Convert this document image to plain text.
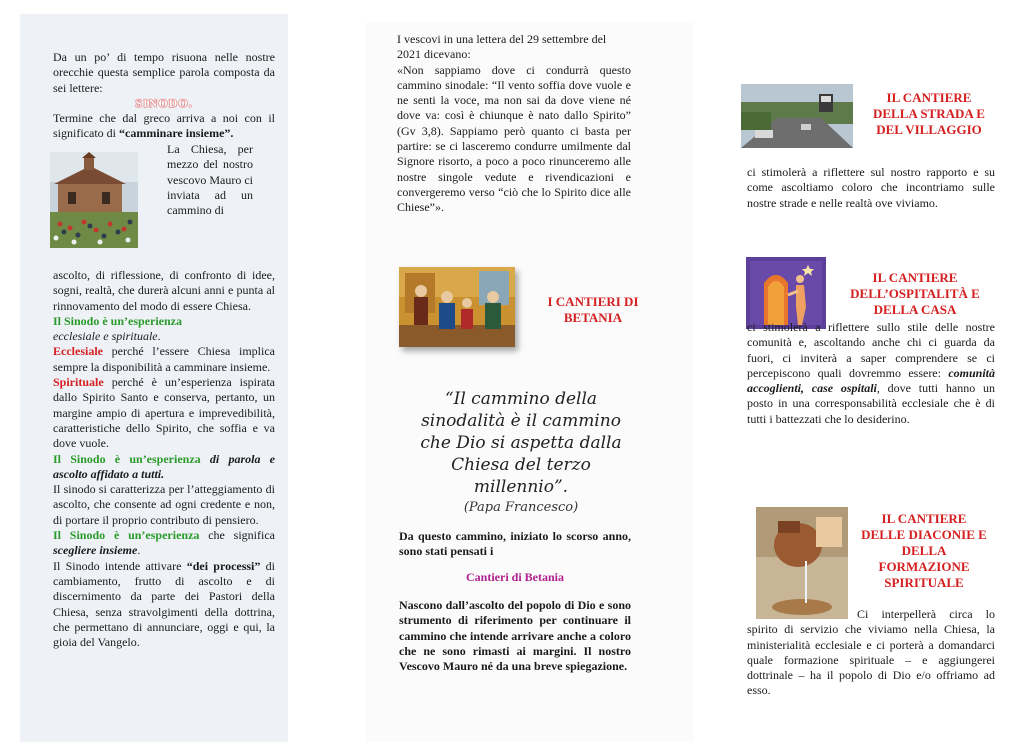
Da un po’ di tempo risuona nelle nostre orecchie questa semplice parola composta da sei lettere:
SINODO.
Termine che dal greco arriva a noi con il significato di “camminare insieme”.
La Chiesa, per mezzo del nostro vescovo Mauro ci inviata ad un cammino di
ascolto, di riflessione, di confronto di idee, sogni, realtà, che durerà alcuni anni e punta al rinnovamento del modo di essere Chiesa.
Il Sinodo è un’esperienza
ecclesiale e spirituale.
Ecclesiale perché l’essere Chiesa implica sempre la disponibilità a camminare insieme.
Spirituale perché è un’esperienza ispirata dallo Spirito Santo e conserva, pertanto, un margine ampio di apertura e imprevedibilità, caratteristiche dello Spirito, che soffia e va dove vuole.
Il Sinodo è un’esperienza di parola e ascolto affidato a tutti.
Il sinodo si caratterizza per l’atteggiamento di ascolto, che consente ad ogni credente e non, di portare il proprio contributo di pensiero.
Il Sinodo è un’esperienza che significa scegliere insieme.
Il Sinodo intende attivare “dei processi” di cambiamento, frutto di ascolto e di discernimento da parte dei Pastori della Chiesa, senza stravolgimenti della dottrina, che permettano di annunciare, oggi e qui, la gioia del Vangelo.
I vescovi in una lettera del 29 settembre del 2021 dicevano:
«Non sappiamo dove ci condurrà questo cammino sinodale: “Il vento soffia dove vuole e ne senti la voce, ma non sai da dove viene né dove va: così è chiunque è nato dallo Spirito” (Gv 3,8). Sappiamo però quanto ci basta per partire: se ci lasceremo condurre umilmente dal Signore risorto, a poco a poco rinunceremo alle nostre singole vedute e rivendicazioni e convergeremo verso “ciò che lo Spirito dice alle Chiese”».
I CANTIERI DI BETANIA
“Il cammino della sinodalità è il cammino che Dio si aspetta dalla Chiesa del terzo millennio”.
(Papa Francesco)
Da questo cammino, iniziato lo scorso anno, sono stati pensati i
Cantieri di Betania
Nascono dall’ascolto del popolo di Dio e sono strumento di riferimento per continuare il cammino che intende arrivare anche a coloro che ne sono rimasti ai margini. Il nostro Vescovo Mauro né da una breve spiegazione.
IL CANTIERE DELLA STRADA E DEL VILLAGGIO
ci stimolerà a riflettere sul nostro rapporto e su come ascoltiamo coloro che incontriamo sulle nostre strade e nelle realtà ove viviamo.
IL CANTIERE DELL’OSPITALITÀ E DELLA CASA
ci stimolerà a riflettere sullo stile delle nostre comunità e, ascoltando anche chi ci guarda da fuori, ci inviterà a saper comprendere se ci percepiscono quali dovremmo essere: comunità accoglienti, case ospitali, dove tutti hanno un posto in una corresponsabilità ecclesiale che è di tutti i battezzati che lo desiderino.
IL CANTIERE DELLE DIACONIE E DELLA FORMAZIONE SPIRITUALE
Ci interpellerà circa lo spirito di servizio che viviamo nella Chiesa, la ministerialità ecclesiale e ci porterà a domandarci quale formazione spirituale – e aggiungerei dottrinale – ha il popolo di Dio e/o offriamo ad esso.
